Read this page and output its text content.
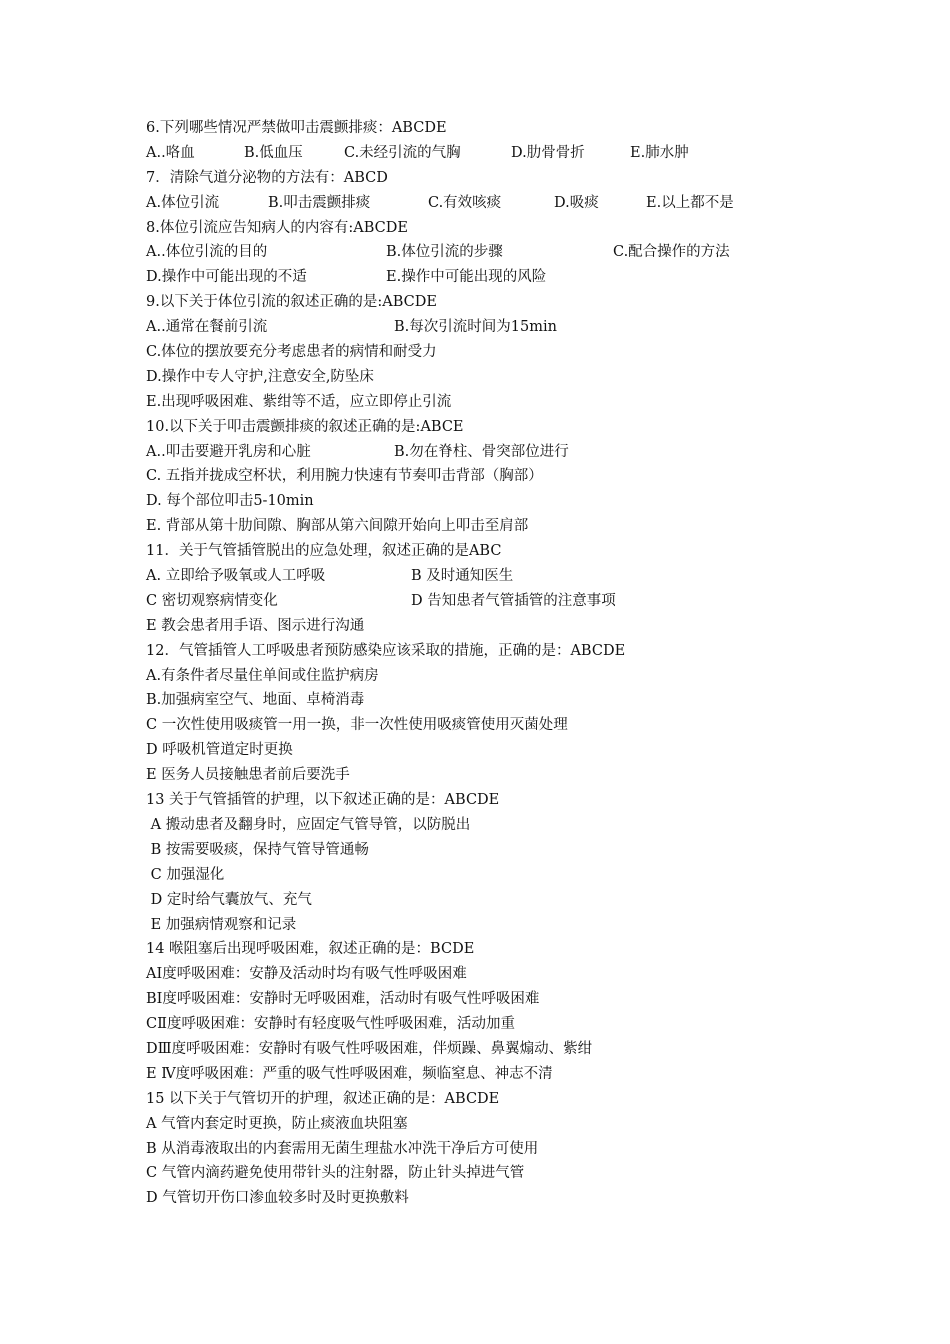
6.下列哪些情况严禁做叩击震颤排痰：ABCDE

A..咯血

	B.低血压

	C.未经引流的气胸

	D.肋骨骨折

	E.肺水肿

7．清除气道分泌物的方法有：ABCD

A.体位引流

	B.叩击震颤排痰

	C.有效咳痰

	D.吸痰

	E.以上都不是

8.体位引流应告知病人的内容有:ABCDE

A..体位引流的目的

	B.体位引流的步骤

	C.配合操作的方法

D.操作中可能出现的不适

	E.操作中可能出现的风险

9.以下关于体位引流的叙述正确的是:ABCDE

A..通常在餐前引流

	B.每次引流时间为15min

C.体位的摆放要充分考虑患者的病情和耐受力
D.操作中专人守护,注意安全,防坠床
E.出现呼吸困难、紫绀等不适，应立即停止引流
10.以下关于叩击震颤排痰的叙述正确的是:ABCE

A..叩击要避开乳房和心脏

	B.勿在脊柱、骨突部位进行

C. 五指并拢成空杯状，利用腕力快速有节奏叩击背部（胸部）
D. 每个部位叩击5-10min
E. 背部从第十肋间隙、胸部从第六间隙开始向上叩击至肩部
11．关于气管插管脱出的应急处理，叙述正确的是ABC

A. 立即给予吸氧或人工呼吸

	B 及时通知医生

C 密切观察病情变化

	D 告知患者气管插管的注意事项

E 教会患者用手语、图示进行沟通
12．气管插管人工呼吸患者预防感染应该采取的措施，正确的是：ABCDE
A.有条件者尽量住单间或住监护病房
B.加强病室空气、地面、卓椅消毒
C 一次性使用吸痰管一用一换，非一次性使用吸痰管使用灭菌处理
D 呼吸机管道定时更换
E 医务人员接触患者前后要洗手
13 关于气管插管的护理，以下叙述正确的是：ABCDE
A 搬动患者及翻身时，应固定气管导管，以防脱出
B 按需要吸痰，保持气管导管通畅
C 加强湿化
D 定时给气囊放气、充气
E 加强病情观察和记录
14 喉阻塞后出现呼吸困难，叙述正确的是：BCDE
AⅠ度呼吸困难：安静及活动时均有吸气性呼吸困难
BⅠ度呼吸困难：安静时无呼吸困难，活动时有吸气性呼吸困难
CⅡ度呼吸困难：安静时有轻度吸气性呼吸困难，活动加重
DⅢ度呼吸困难：安静时有吸气性呼吸困难，伴烦躁、鼻翼煽动、紫绀
E Ⅳ度呼吸困难：严重的吸气性呼吸困难，频临窒息、神志不清
15 以下关于气管切开的护理，叙述正确的是：ABCDE
A 气管内套定时更换，防止痰液血块阻塞
B 从消毒液取出的内套需用无菌生理盐水冲洗干净后方可使用
C 气管内滴药避免使用带针头的注射器，防止针头掉进气管
D 气管切开伤口渗血较多时及时更换敷料
